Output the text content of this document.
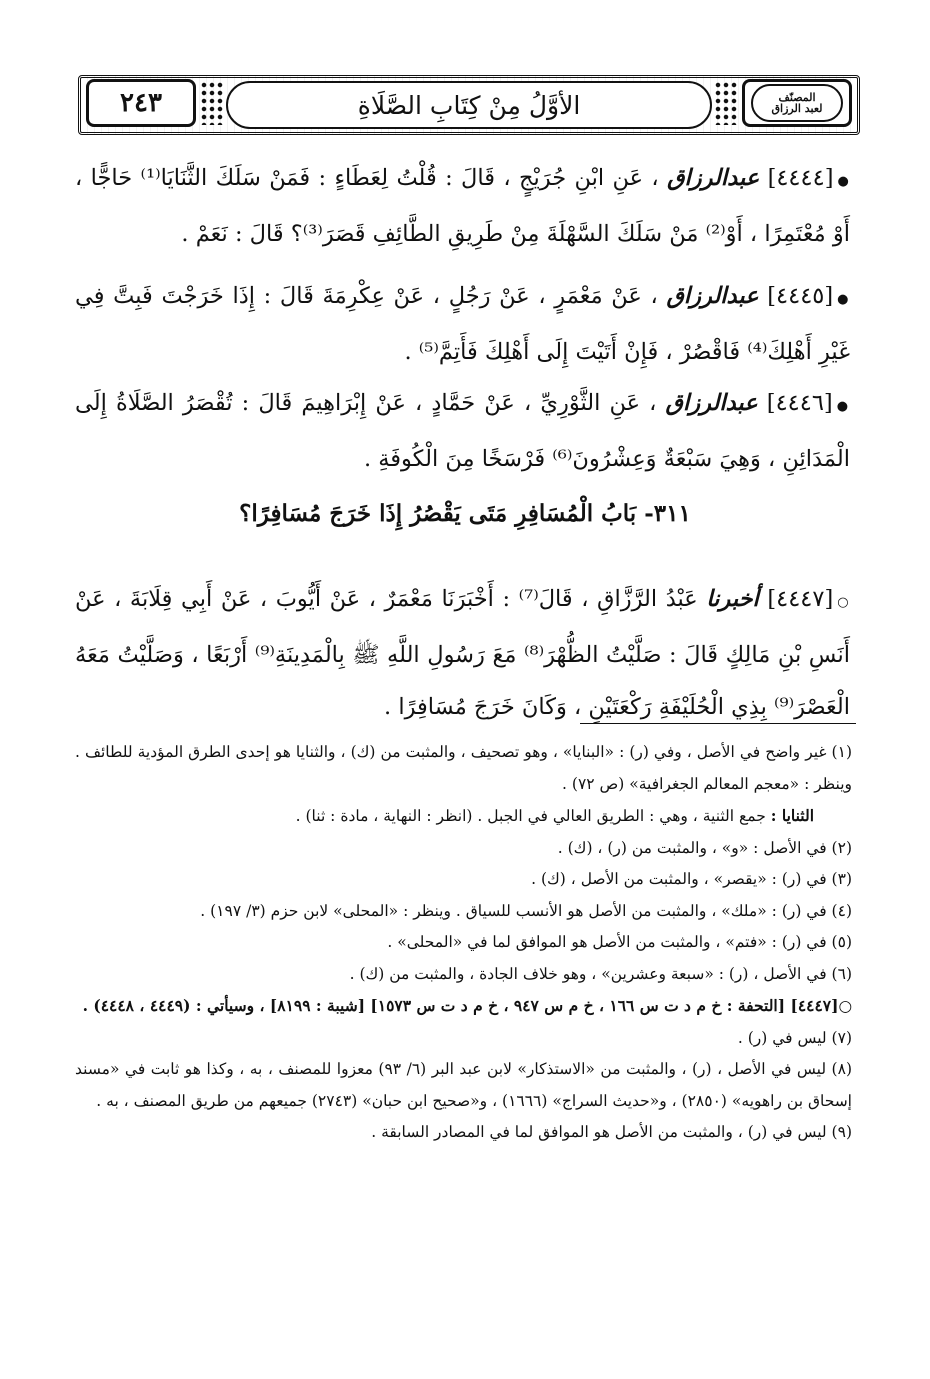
٢٤٣	الأوَّلُ مِنْ كِتَابِ الصَّلَاةِ	المصنّف
لعبد الرزاق

●[٤٤٤٤] عبدالرزاق ، عَنِ ابْنِ جُرَيْجٍ ، قَالَ : قُلْتُ لِعَطَاءٍ : فَمَنْ سَلَكَ الثَّنَايَا⁽¹⁾ حَاجًّا ، أَوْ مُعْتَمِرًا ، أَوْ⁽²⁾ مَنْ سَلَكَ السَّهْلَةَ مِنْ طَرِيقِ الطَّائِفِ قَصَرَ⁽³⁾؟ قَالَ : نَعَمْ .

●[٤٤٤٥] عبدالرزاق ، عَنْ مَعْمَرٍ ، عَنْ رَجُلٍ ، عَنْ عِكْرِمَةَ قَالَ : إِذَا خَرَجْتَ فَبِتَّ فِي غَيْرِ أَهْلِكَ⁽⁴⁾ فَاقْصُرْ ، فَإِنْ أَتَيْتَ إِلَى أَهْلِكَ فَأَتِمَّ⁽⁵⁾ .

●[٤٤٤٦] عبدالرزاق ، عَنِ الثَّوْرِيِّ ، عَنْ حَمَّادٍ ، عَنْ إِبْرَاهِيمَ قَالَ : تُقْصَرُ الصَّلَاةُ إِلَى الْمَدَائِنِ ، وَهِيَ سَبْعَةٌ وَعِشْرُونَ⁽⁶⁾ فَرْسَخًا مِنَ الْكُوفَةِ .

٣١١- بَابُ الْمُسَافِرِ مَتَى يَقْصُرُ إِذَا خَرَجَ مُسَافِرًا؟

○[٤٤٤٧] أخبرنا عَبْدُ الرَّزَّاقِ ، قَالَ⁽⁷⁾ : أَخْبَرَنَا مَعْمَرٌ ، عَنْ أَيُّوبَ ، عَنْ أَبِي قِلَابَةَ ، عَنْ أَنَسِ بْنِ مَالِكٍ قَالَ : صَلَّيْتُ الظُّهْرَ⁽⁸⁾ مَعَ رَسُولِ اللَّهِ ﷺ بِالْمَدِينَةِ⁽⁹⁾ أَرْبَعًا ، وَصَلَّيْتُ مَعَهُ الْعَصْرَ⁽⁹⁾ بِذِي الْحُلَيْفَةِ رَكْعَتَيْنِ ، وَكَانَ خَرَجَ مُسَافِرًا .

(١) غير واضح في الأصل ، وفي (ر) : «البنايا» ، وهو تصحيف ، والمثبت من (ك) ، والثنايا هو إحدى الطرق المؤدية للطائف . وينظر : «معجم المعالم الجغرافية» (ص ٧٢) .

الثنايا : جمع الثنية ، وهي : الطريق العالي في الجبل . (انظر : النهاية ، مادة : ثنا) .

(٢) في الأصل : «و» ، والمثبت من (ر) ، (ك) .

(٣) في (ر) : «يقصر» ، والمثبت من الأصل ، (ك) .

(٤) في (ر) : «ملك» ، والمثبت من الأصل هو الأنسب للسياق . وينظر : «المحلى» لابن حزم (٣/ ١٩٧) .

(٥) في (ر) : «فتم» ، والمثبت من الأصل هو الموافق لما في «المحلى» .

(٦) في الأصل ، (ر) : «سبعة وعشرين» ، وهو خلاف الجادة ، والمثبت من (ك) .

○[٤٤٤٧] [التحفة : خ م د ت س ١٦٦ ، خ م س ٩٤٧ ، خ م د ت س ١٥٧٣] [شيبة : ٨١٩٩] ، وسيأتي : (٤٤٤٩ ، ٤٤٤٨) .

(٧) ليس في (ر) .

(٨) ليس في الأصل ، (ر) ، والمثبت من «الاستذكار» لابن عبد البر (٦/ ٩٣) معزوا للمصنف ، به ، وكذا هو ثابت في «مسند إسحاق بن راهويه» (٢٨٥٠) ، و«حديث السراج» (١٦٦٦) ، و«صحيح ابن حبان» (٢٧٤٣) جميعهم من طريق المصنف ، به .

(٩) ليس في (ر) ، والمثبت من الأصل هو الموافق لما في المصادر السابقة .
